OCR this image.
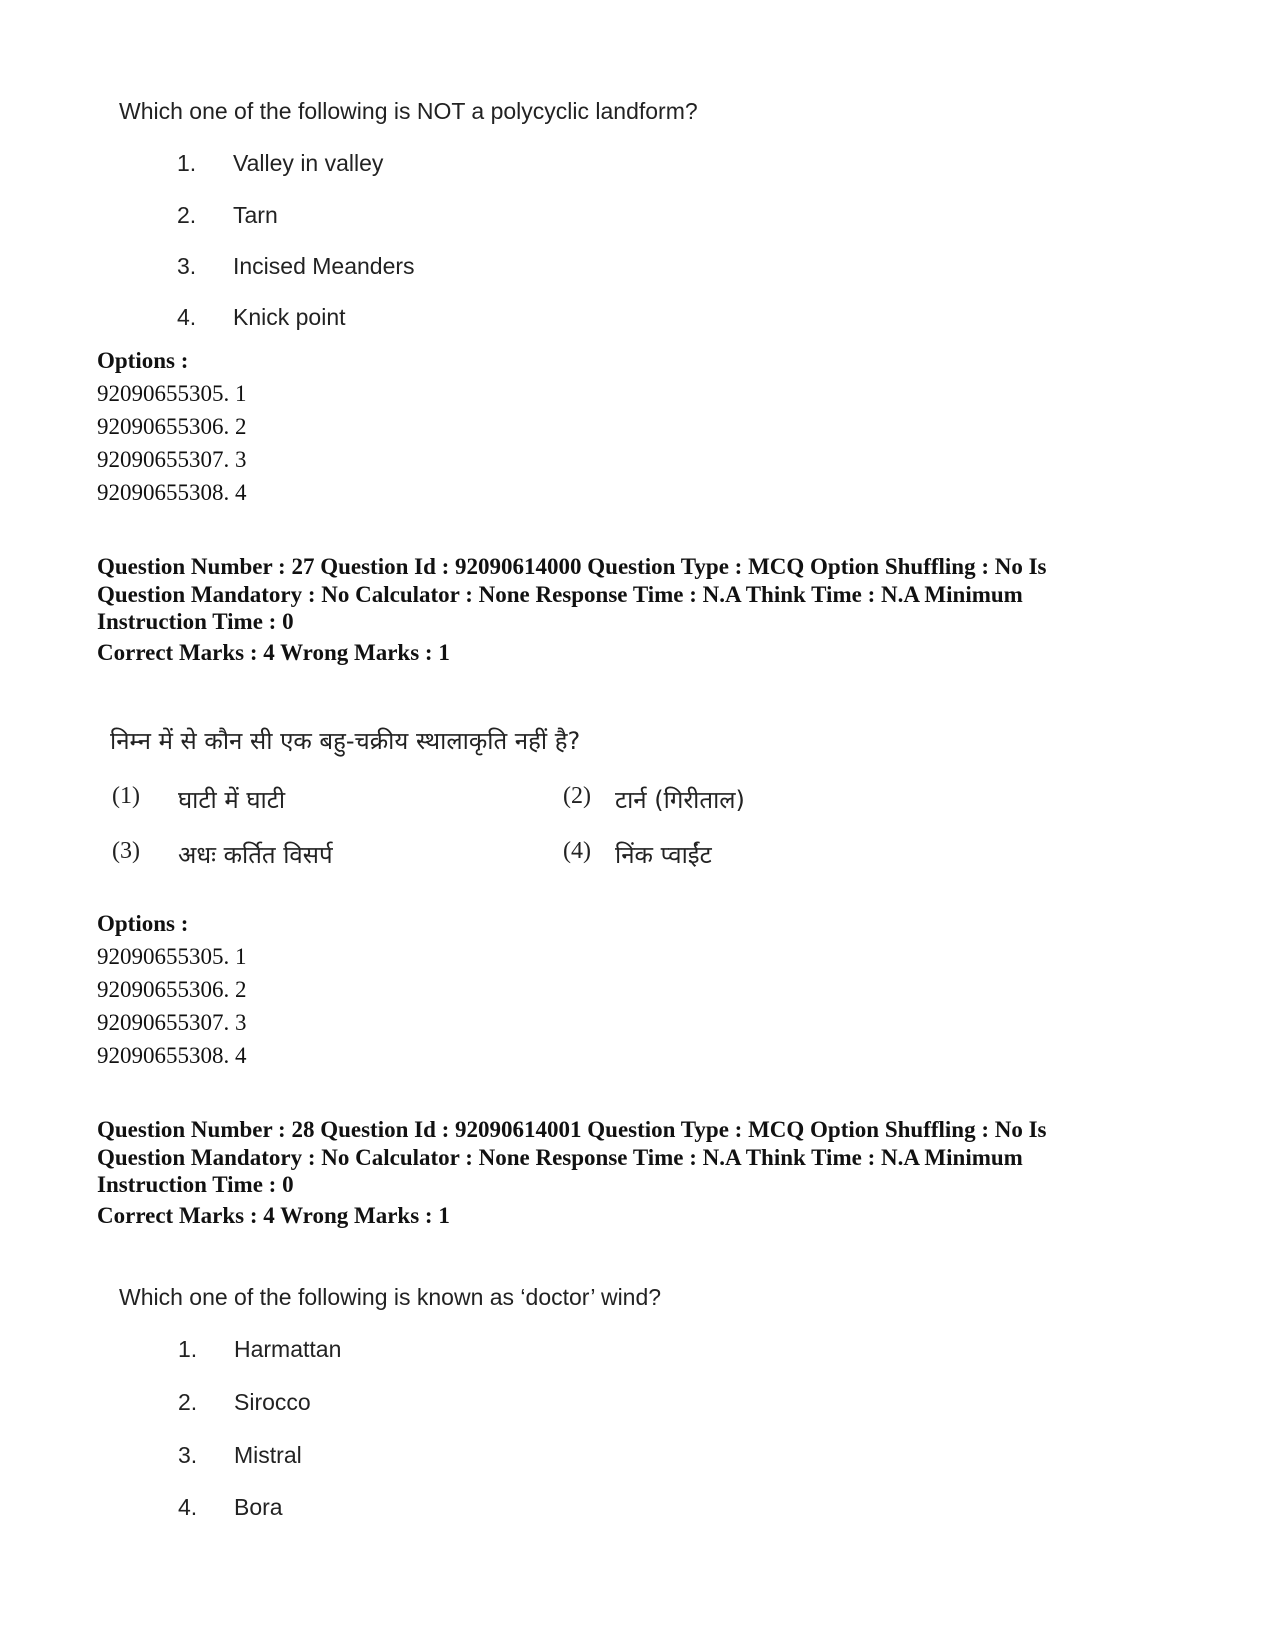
Which one of the following is NOT a polycyclic landform?
1. Valley in valley
2. Tarn
3. Incised Meanders
4. Knick point
Options :
92090655305. 1
92090655306. 2
92090655307. 3
92090655308. 4
Question Number : 27 Question Id : 92090614000 Question Type : MCQ Option Shuffling : No Is
Question Mandatory : No Calculator : None Response Time : N.A Think Time : N.A Minimum
Instruction Time : 0
Correct Marks : 4 Wrong Marks : 1
निम्न में से कौन सी एक बहु-चक्रीय स्थालाकृति नहीं है?
(1) घाटी में घाटी	(2) टार्न (गिरीताल)
(3) अधः कर्तित विसर्प	(4) निंक प्वाईंट
Options :
92090655305. 1
92090655306. 2
92090655307. 3
92090655308. 4
Question Number : 28 Question Id : 92090614001 Question Type : MCQ Option Shuffling : No Is
Question Mandatory : No Calculator : None Response Time : N.A Think Time : N.A Minimum
Instruction Time : 0
Correct Marks : 4 Wrong Marks : 1
Which one of the following is known as ‘doctor’ wind?
1. Harmattan
2. Sirocco
3. Mistral
4. Bora
